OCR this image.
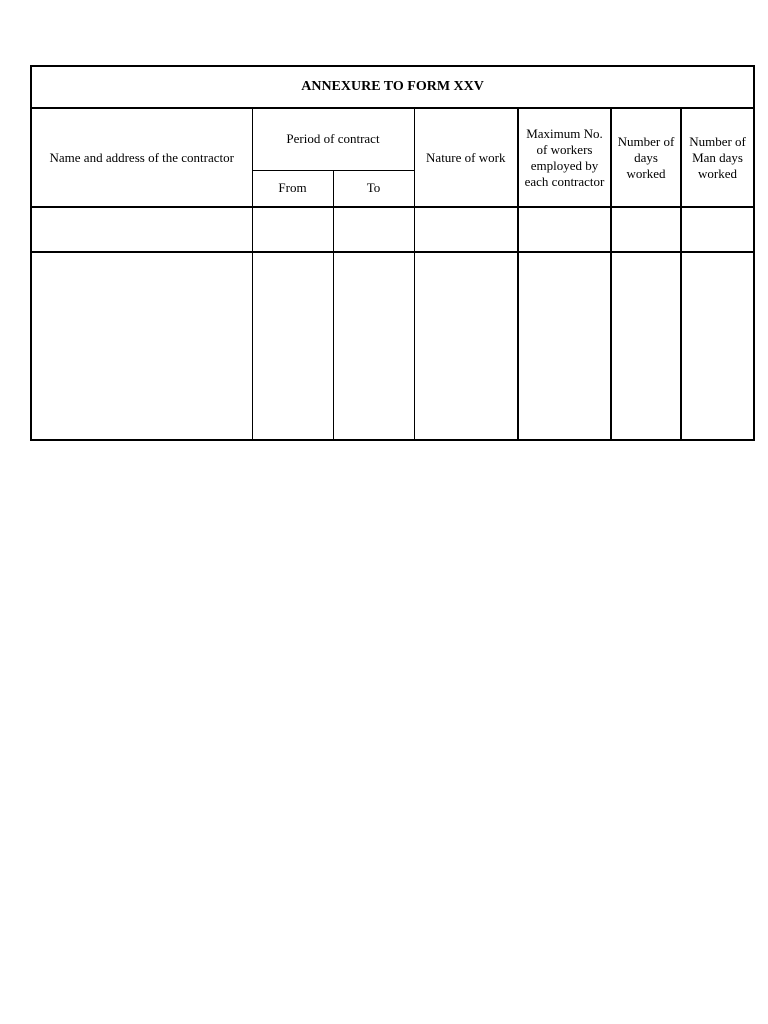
ANNEXURE TO FORM XXV						
Name and address of the contractor	Period of contract		Nature of work	Maximum No. of workers employed by each contractor	Number of days worked	Number of Man days worked

	From	To				
